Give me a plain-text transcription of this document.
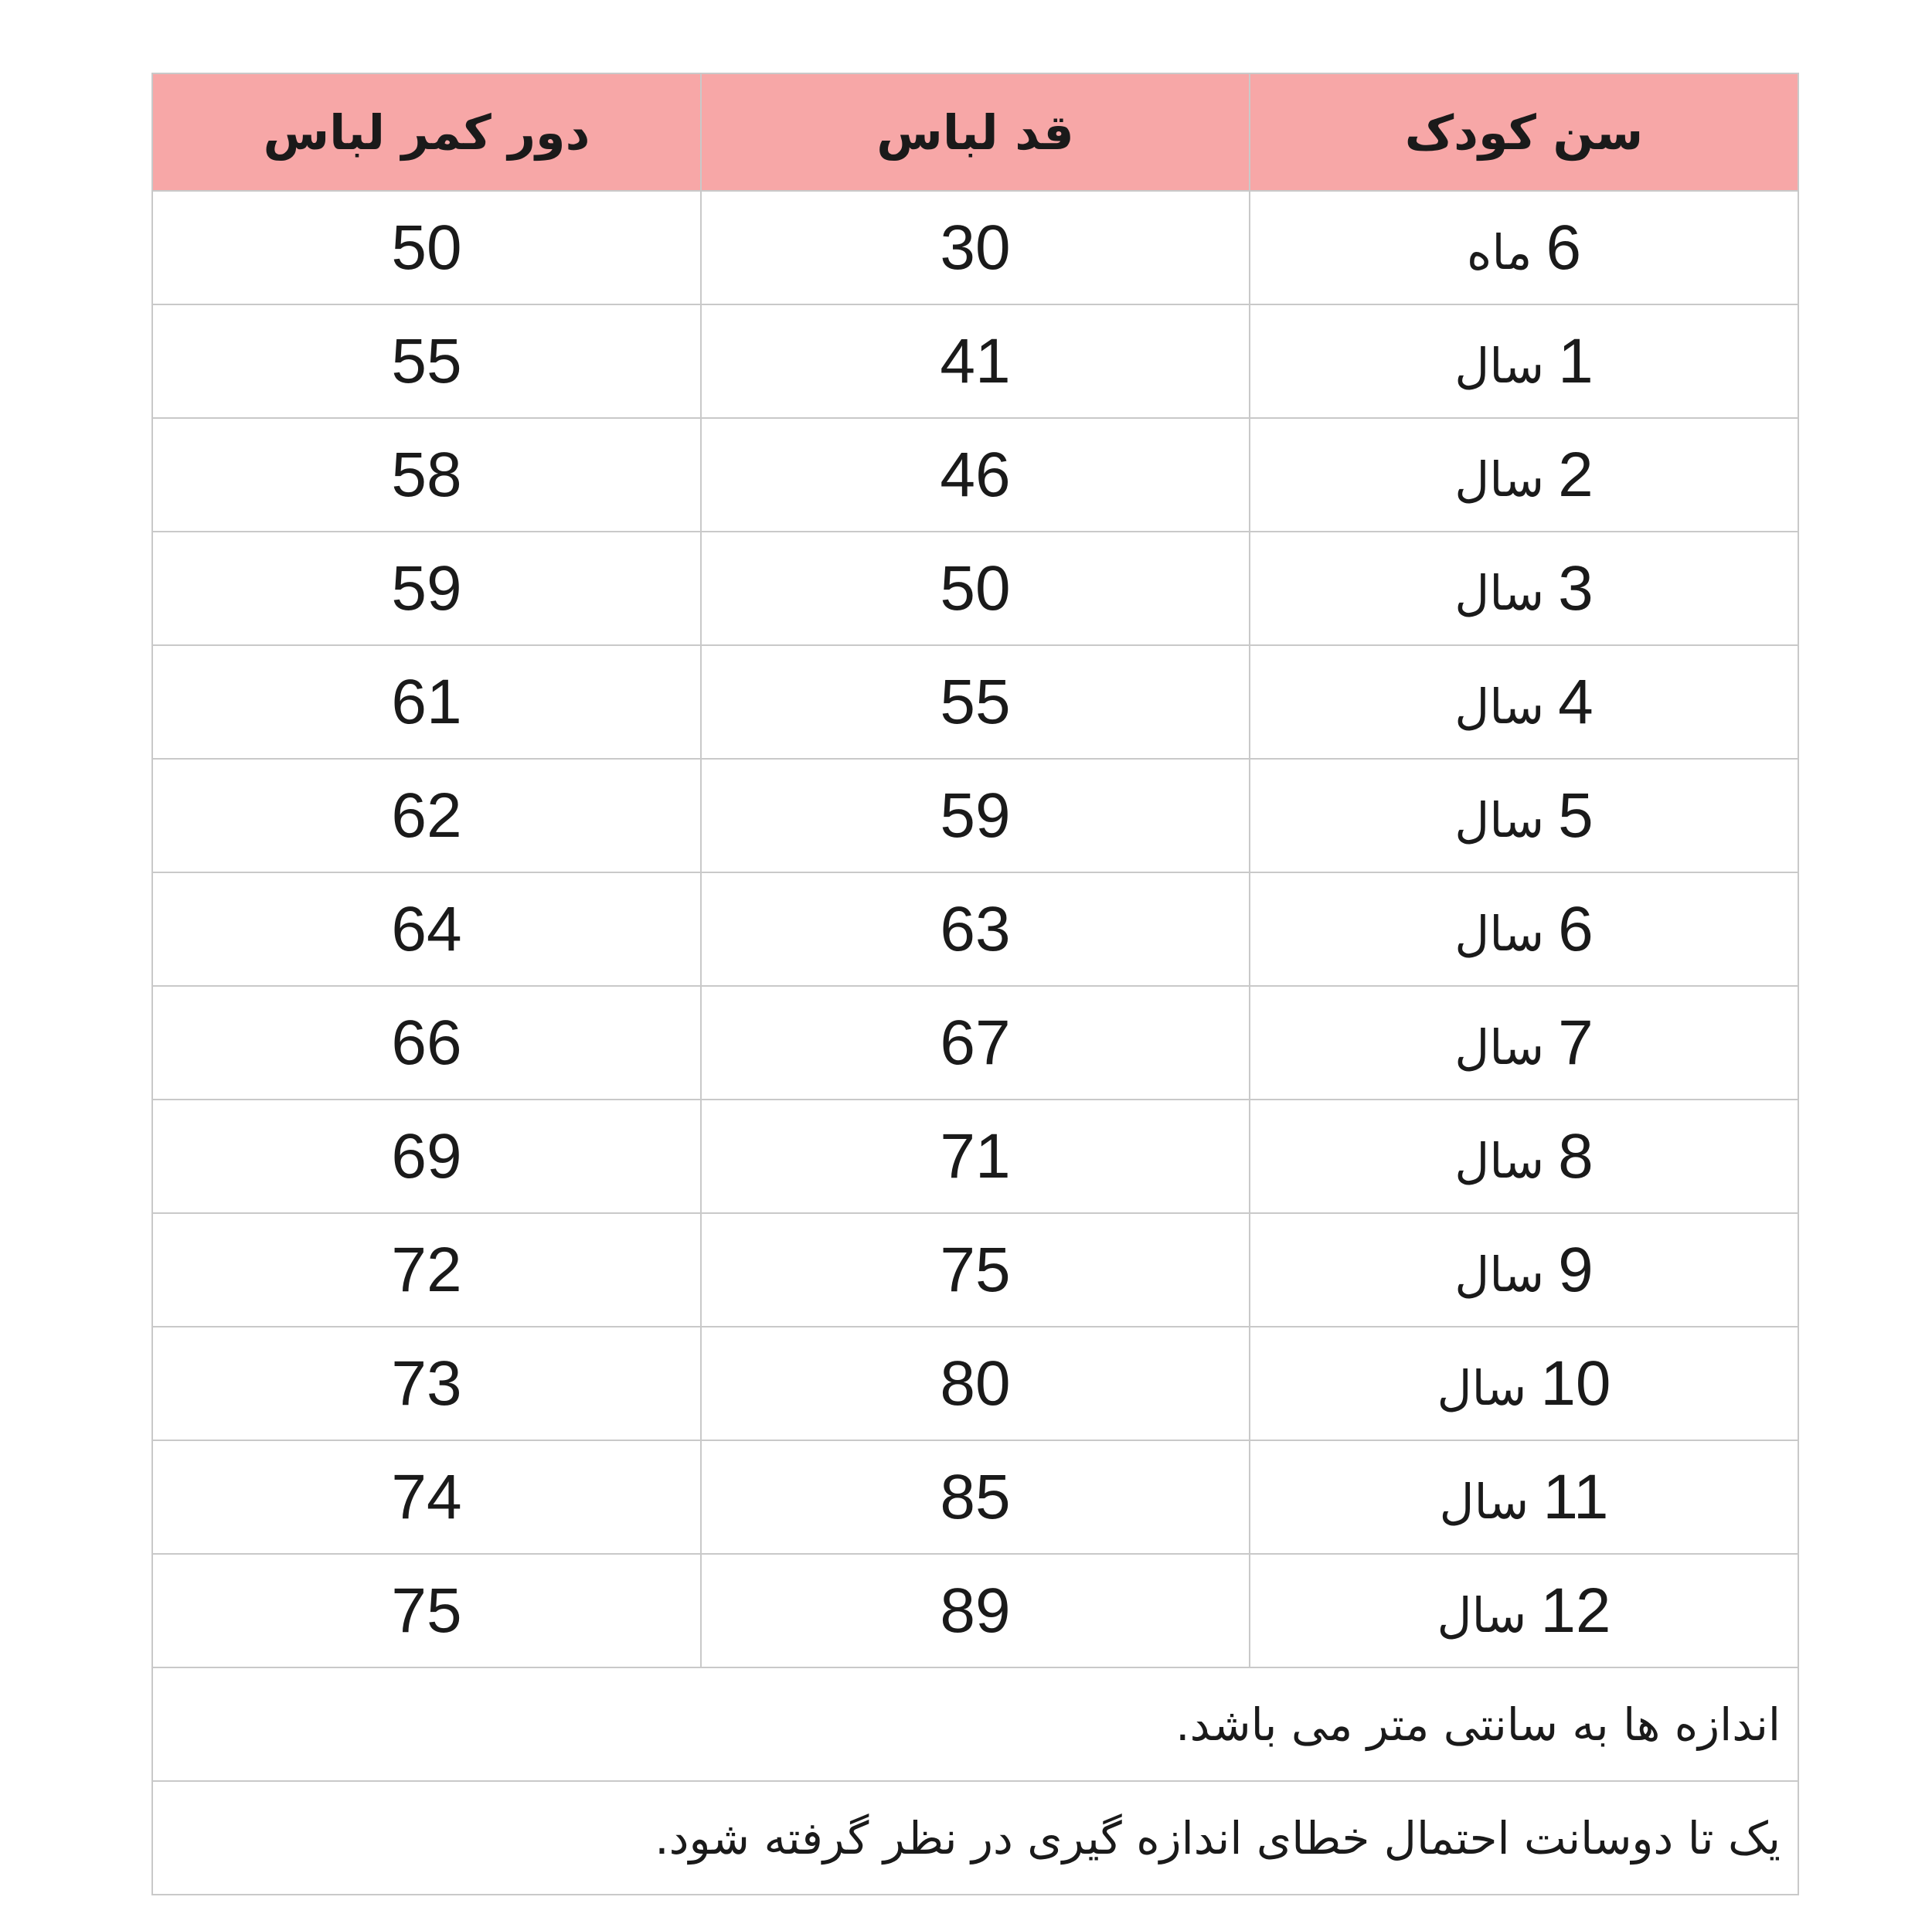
سن کودک	قد لباس	دور کمر لباس
6ماه	30	50
1سال	41	55
2سال	46	58
3سال	50	59
4سال	55	61
5سال	59	62
6سال	63	64
7سال	67	66
8سال	71	69
9سال	75	72
10سال	80	73
11سال	85	74
12سال	89	75
اندازه ها به سانتی متر می باشد.		
یک تا دوسانت احتمال خطای اندازه گیری در نظر گرفته شود.		
